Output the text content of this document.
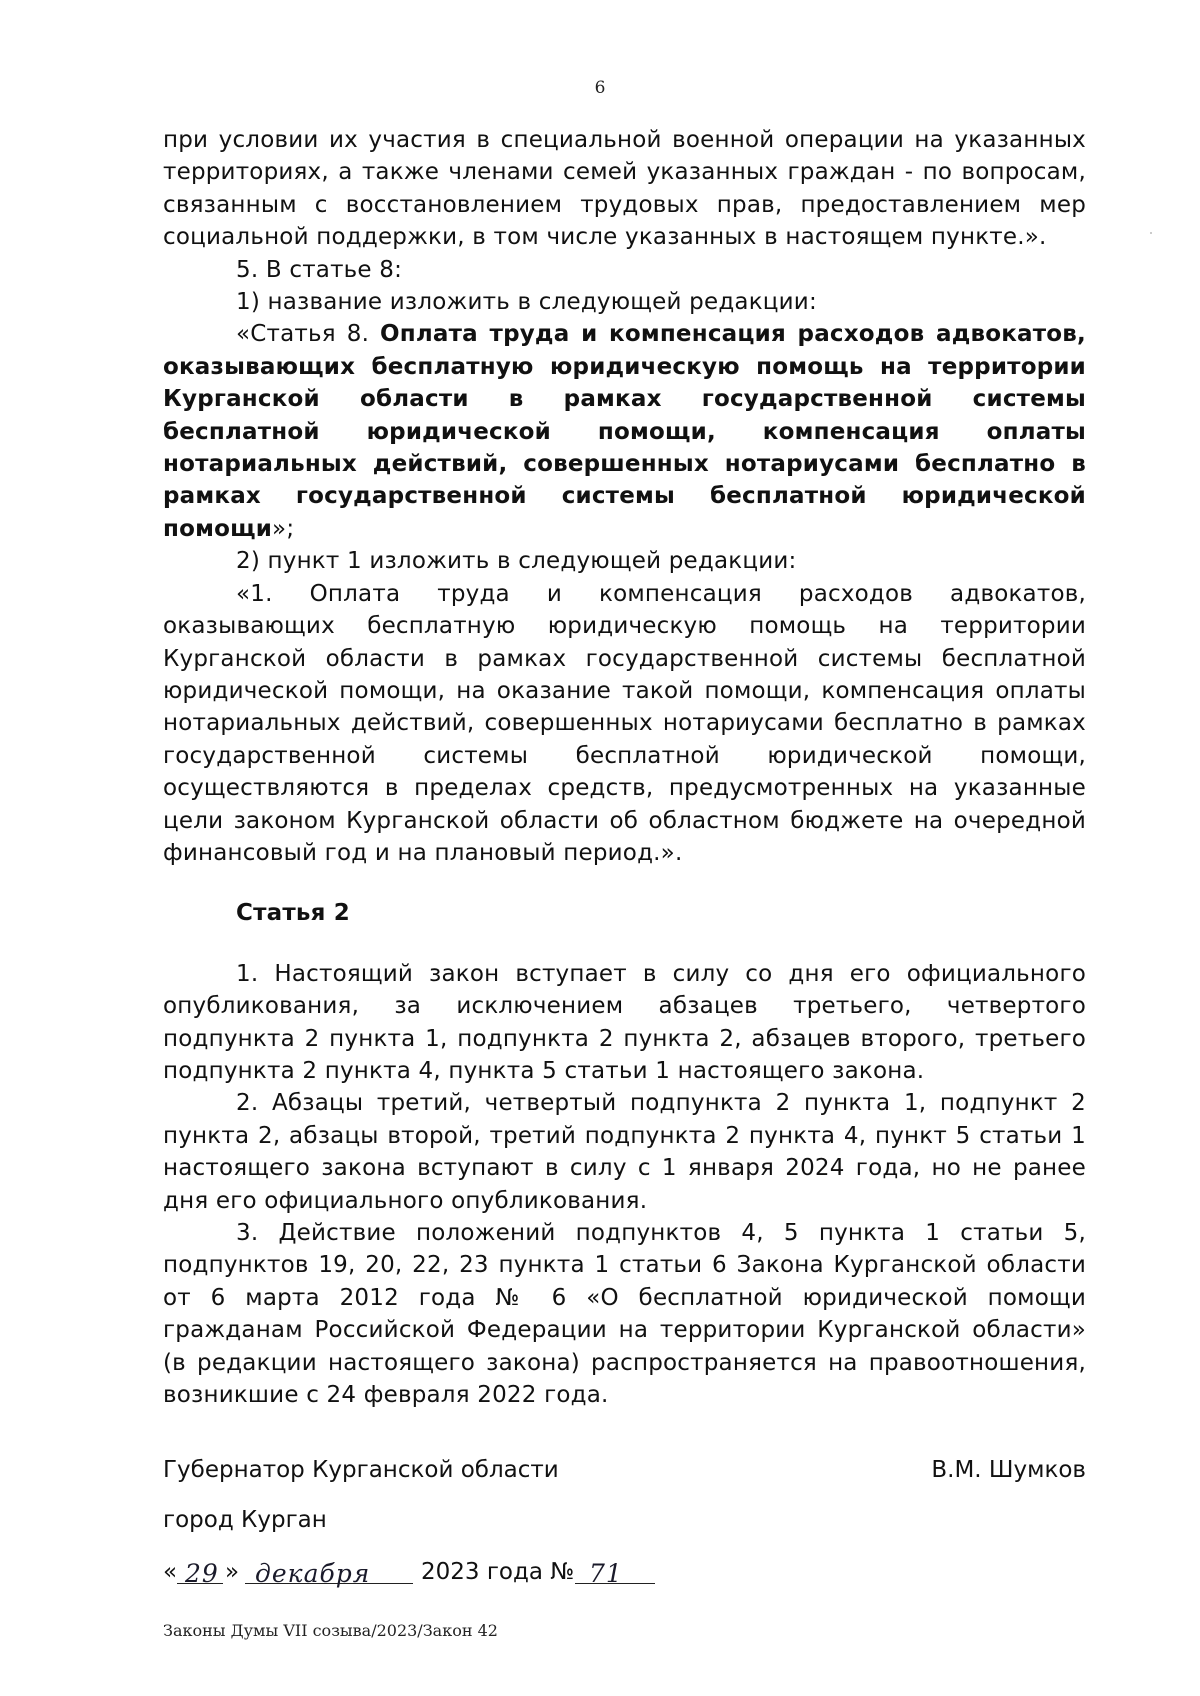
6

при условии их участия в специальной военной операции на указанных территориях, а также членами семей указанных граждан - по вопросам, связанным с восстановлением трудовых прав, предоставлением мер социальной поддержки, в том числе указанных в настоящем пункте.».

5. В статье 8:

1) название изложить в следующей редакции:

«Статья 8. Оплата труда и компенсация расходов адвокатов, оказывающих бесплатную юридическую помощь на территории Курганской области в рамках государственной системы бесплатной юридической помощи, компенсация оплаты нотариальных действий, совершенных нотариусами бесплатно в рамках государственной системы бесплатной юридической помощи»;

2) пункт 1 изложить в следующей редакции:

«1. Оплата труда и компенсация расходов адвокатов, оказывающих бесплатную юридическую помощь на территории Курганской области в рамках государственной системы бесплатной юридической помощи, на оказание такой помощи, компенсация оплаты нотариальных действий, совершенных нотариусами бесплатно в рамках государственной системы бесплатной юридической помощи, осуществляются в пределах средств, предусмотренных на указанные цели законом Курганской области об областном бюджете на очередной финансовый год и на плановый период.».

Статья 2

1. Настоящий закон вступает в силу со дня его официального опубликования, за исключением абзацев третьего, четвертого подпункта 2 пункта 1, подпункта 2 пункта 2, абзацев второго, третьего подпункта 2 пункта 4, пункта 5 статьи 1 настоящего закона.

2. Абзацы третий, четвертый подпункта 2 пункта 1, подпункт 2 пункта 2, абзацы второй, третий подпункта 2 пункта 4, пункт 5 статьи 1 настоящего закона вступают в силу с 1 января 2024 года, но не ранее дня его официального опубликования.

3. Действие положений подпунктов 4, 5 пункта 1 статьи 5, подпунктов 19, 20, 22, 23 пункта 1 статьи 6 Закона Курганской области от 6 марта 2012 года № 6 «О бесплатной юридической помощи гражданам Российской Федерации на территории Курганской области» (в редакции настоящего закона) распространяется на правоотношения, возникшие с 24 февраля 2022 года.

Губернатор Курганской области	В.М. Шумков
город Курган
« 29 » декабря 2023 года № 71
Законы Думы VII созыва/2023/Закон 42
